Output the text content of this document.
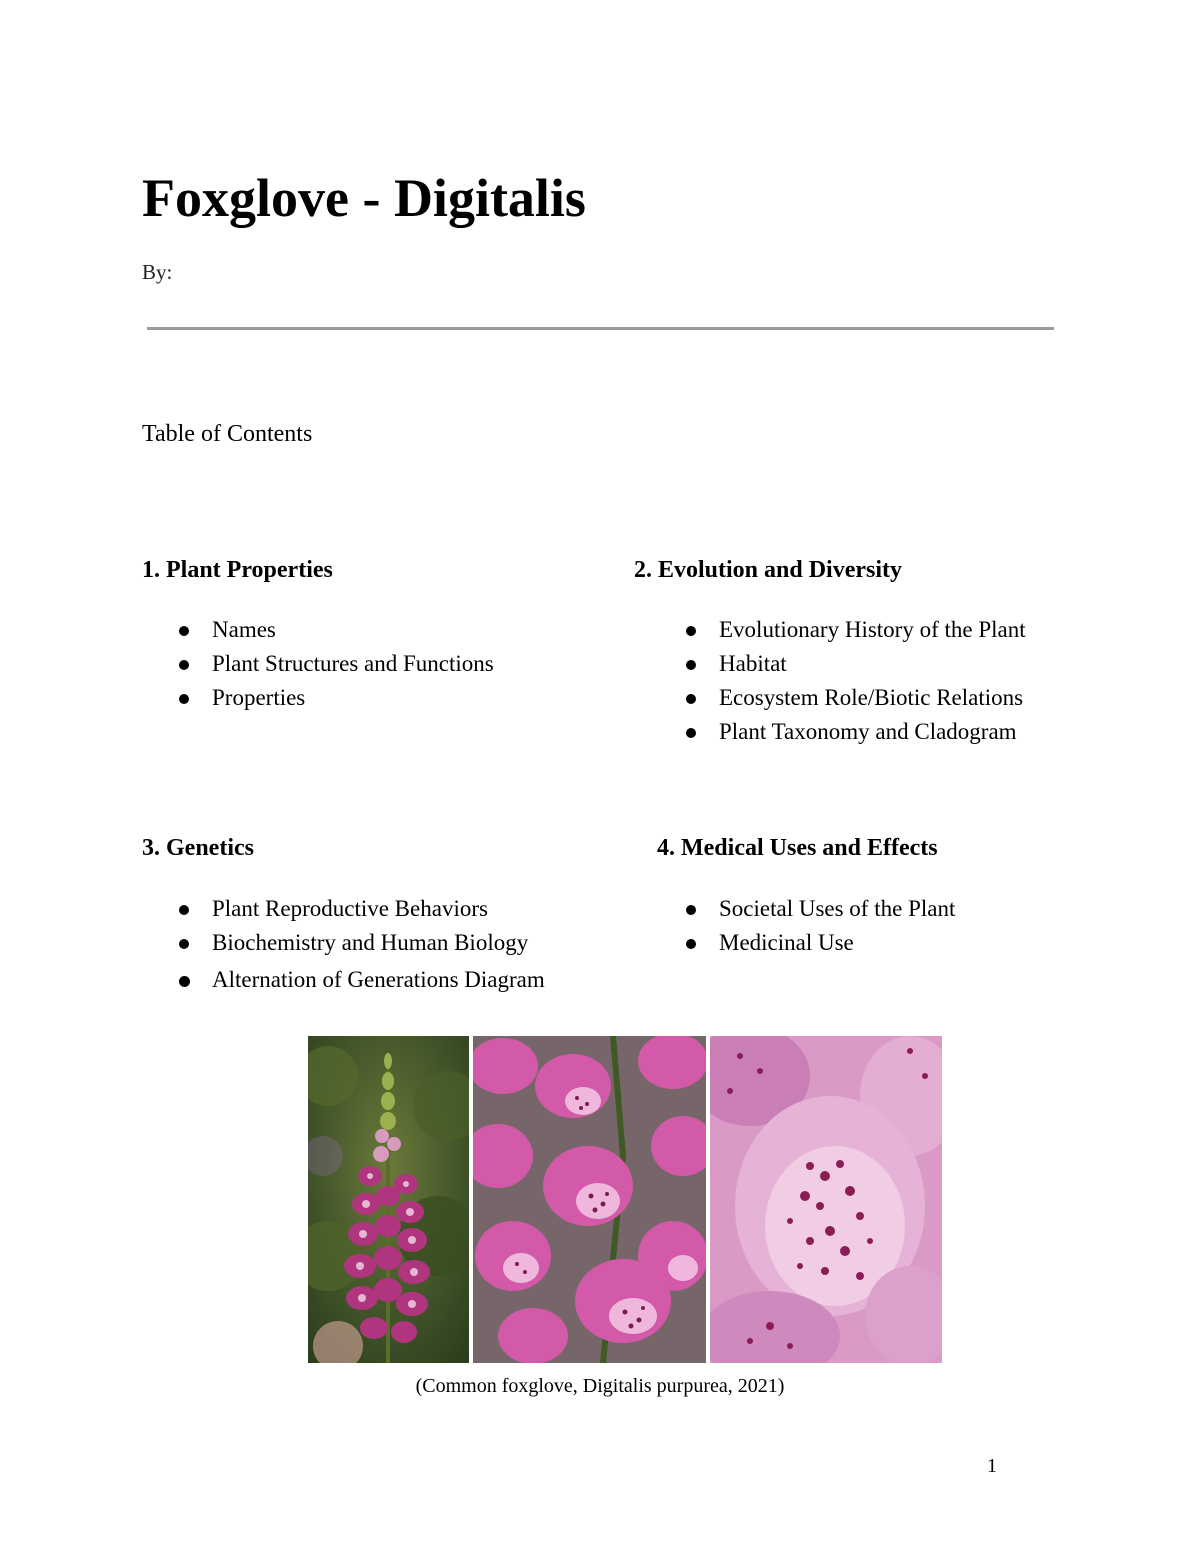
Foxglove - Digitalis
By:
Table of Contents
1. Plant Properties
Names
Plant Structures and Functions
Properties
2. Evolution and Diversity
Evolutionary History of the Plant
Habitat
Ecosystem Role/Biotic Relations
Plant Taxonomy and Cladogram
3. Genetics
Plant Reproductive Behaviors
Biochemistry and Human Biology
Alternation of Generations Diagram
4. Medical Uses and Effects
Societal Uses of the Plant
Medicinal Use
(Common foxglove, Digitalis purpurea, 2021)
1
